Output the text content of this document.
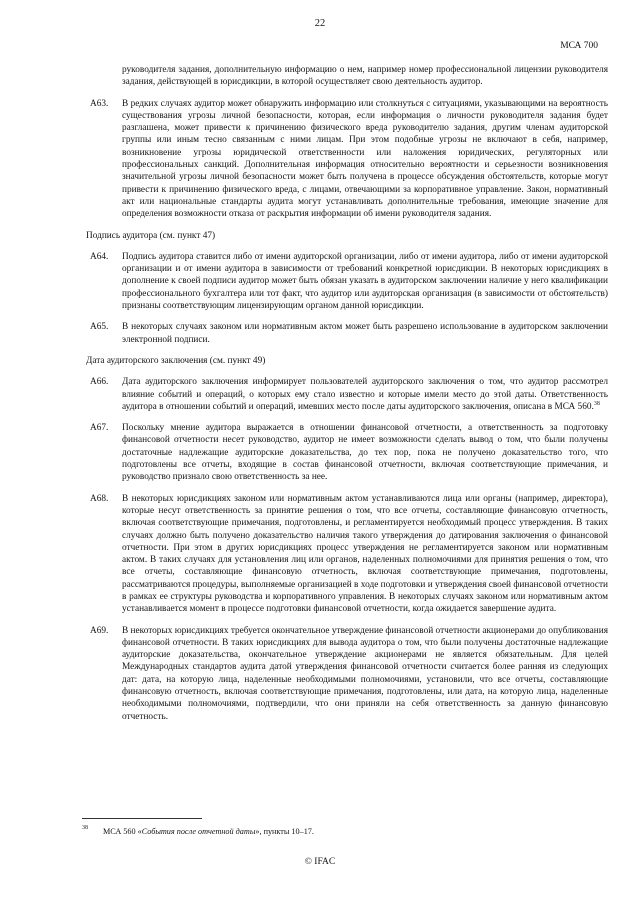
22
МСА 700
руководителя задания, дополнительную информацию о нем, например номер профессиональной лицензии руководителя задания, действующей в юрисдикции, в которой осуществляет свою деятельность аудитор.
A63. В редких случаях аудитор может обнаружить информацию или столкнуться с ситуациями, указывающими на вероятность существования угрозы личной безопасности, которая, если информация о личности руководителя задания будет разглашена, может привести к причинению физического вреда руководителю задания, другим членам аудиторской группы или иным тесно связанным с ними лицам. При этом подобные угрозы не включают в себя, например, возникновение угрозы юридической ответственности или наложения юридических, регуляторных или профессиональных санкций. Дополнительная информация относительно вероятности и серьезности возникновения значительной угрозы личной безопасности может быть получена в процессе обсуждения обстоятельств, которые могут привести к причинению физического вреда, с лицами, отвечающими за корпоративное управление. Закон, нормативный акт или национальные стандарты аудита могут устанавливать дополнительные требования, имеющие значение для определения возможности отказа от раскрытия информации об имени руководителя задания.
Подпись аудитора (см. пункт 47)
A64. Подпись аудитора ставится либо от имени аудиторской организации, либо от имени аудитора, либо от имени аудиторской организации и от имени аудитора в зависимости от требований конкретной юрисдикции. В некоторых юрисдикциях в дополнение к своей подписи аудитор может быть обязан указать в аудиторском заключении наличие у него квалификации профессионального бухгалтера или тот факт, что аудитор или аудиторская организация (в зависимости от обстоятельств) признаны соответствующим лицензирующим органом данной юрисдикции.
A65. В некоторых случаях законом или нормативным актом может быть разрешено использование в аудиторском заключении электронной подписи.
Дата аудиторского заключения (см. пункт 49)
A66. Дата аудиторского заключения информирует пользователей аудиторского заключения о том, что аудитор рассмотрел влияние событий и операций, о которых ему стало известно и которые имели место до этой даты. Ответственность аудитора в отношении событий и операций, имевших место после даты аудиторского заключения, описана в МСА 560.38
A67. Поскольку мнение аудитора выражается в отношении финансовой отчетности, а ответственность за подготовку финансовой отчетности несет руководство, аудитор не имеет возможности сделать вывод о том, что были получены достаточные надлежащие аудиторские доказательства, до тех пор, пока не получено доказательство того, что подготовлены все отчеты, входящие в состав финансовой отчетности, включая соответствующие примечания, и руководство признало свою ответственность за нее.
A68. В некоторых юрисдикциях законом или нормативным актом устанавливаются лица или органы (например, директора), которые несут ответственность за принятие решения о том, что все отчеты, составляющие финансовую отчетность, включая соответствующие примечания, подготовлены, и регламентируется необходимый процесс утверждения. В таких случаях должно быть получено доказательство наличия такого утверждения до датирования заключения о финансовой отчетности. При этом в других юрисдикциях процесс утверждения не регламентируется законом или нормативным актом. В таких случаях для установления лиц или органов, наделенных полномочиями для принятия решения о том, что все отчеты, составляющие финансовую отчетность, включая соответствующие примечания, подготовлены, рассматриваются процедуры, выполняемые организацией в ходе подготовки и утверждения своей финансовой отчетности в рамках ее структуры руководства и корпоративного управления. В некоторых случаях законом или нормативным актом устанавливается момент в процессе подготовки финансовой отчетности, когда ожидается завершение аудита.
A69. В некоторых юрисдикциях требуется окончательное утверждение финансовой отчетности акционерами до опубликования финансовой отчетности. В таких юрисдикциях для вывода аудитора о том, что были получены достаточные надлежащие аудиторские доказательства, окончательное утверждение акционерами не является обязательным. Для целей Международных стандартов аудита датой утверждения финансовой отчетности считается более ранняя из следующих дат: дата, на которую лица, наделенные необходимыми полномочиями, установили, что все отчеты, составляющие финансовую отчетность, включая соответствующие примечания, подготовлены, или дата, на которую лица, наделенные необходимыми полномочиями, подтвердили, что они приняли на себя ответственность за данную финансовую отчетность.
38	МСА 560 «События после отчетной даты», пункты 10–17.
© IFAC
